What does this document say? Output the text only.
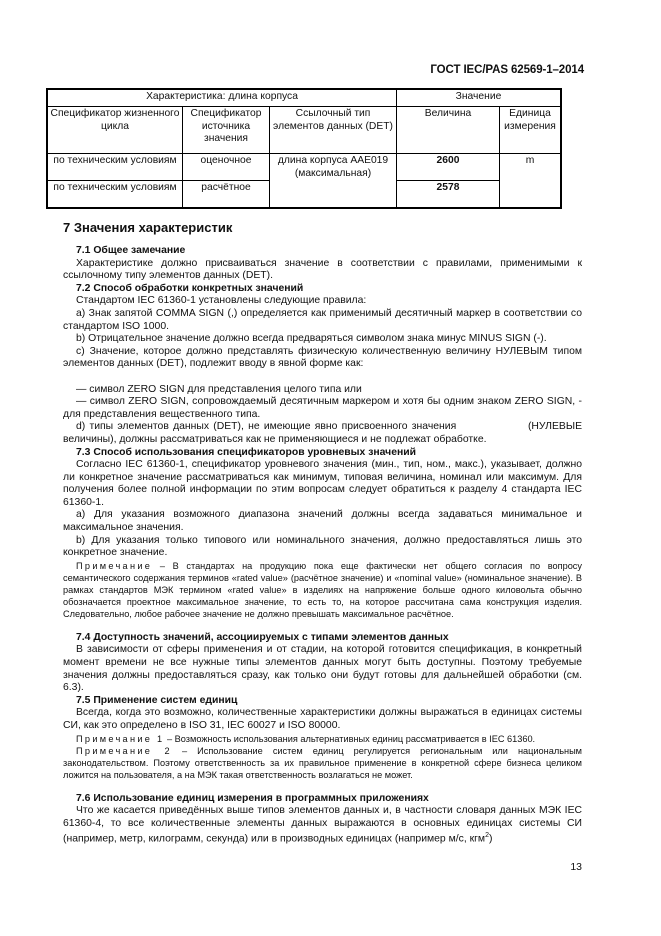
ГОСТ IEC/PAS 62569-1–2014
Характеристика: длина корпуса			Значение	
Спецификатор жизненного цикла	Спецификатор источника значения	Ссылочный тип элементов данных (DET)	Величина	Единица измерения
по техническим условиям	оценочное	длина корпуса AAE019 (максимальная)	2600	m
по техническим условиям	расчётное		2578	
7 Значения характеристик

7.1 Общее замечание

Характеристике должно присваиваться значение в соответствии с правилами, применимыми к ссылочному типу элементов данных (DET).

7.2 Способ обработки конкретных значений

Стандартом IEC 61360-1 установлены следующие правила:

а) Знак запятой COMMA SIGN (,) определяется как применимый десятичный маркер в соответствии со стандартом ISO 1000.

b) Отрицательное значение должно всегда предваряться символом знака минус MINUS SIGN (-).

c) Значение, которое должно представлять физическую количественную величину НУЛЕВЫМ типом элементов данных (DET), подлежит вводу в явной форме как:

— символ ZERO SIGN для представления целого типа или

— символ ZERO SIGN, сопровождаемый десятичным маркером и хотя бы одним знаком ZERO SIGN, - для представления вещественного типа.

d) типы элементов данных (DET), не имеющие явно присвоенного значения                 (НУЛЕВЫЕ величины), должны рассматриваться как не применяющиеся и не подлежат обработке.

7.3 Способ использования спецификаторов уровневых значений

Согласно IEC 61360-1, спецификатор уровневого значения (мин., тип, ном., макс.), указывает, должно ли конкретное значение рассматриваться как минимум, типовая величина, номинал или максимум. Для получения более полной информации по этим вопросам следует обратиться к разделу 4 стандарта IEC 61360-1.

а) Для указания возможного диапазона значений должны всегда задаваться минимальное и максимальное значения.

b) Для указания только типового или номинального значения, должно предоставляться лишь это конкретное значение.

Примечание – В стандартах на продукцию пока еще фактически нет общего согласия по вопросу семантического содержания терминов «rated value» (расчётное значение) и «nominal value» (номинальное значение). В рамках стандартов МЭК термином «rated value» в изделиях на напряжение больше одного киловольта обычно обозначается проектное максимальное значение, то есть то, на которое рассчитана сама конструкция изделия. Следовательно, любое рабочее значение не должно превышать максимальное расчётное.

7.4 Доступность значений, ассоциируемых с типами элементов данных

В зависимости от сферы применения и от стадии, на которой готовится спецификация, в конкретный момент времени не все нужные типы элементов данных могут быть доступны. Поэтому требуемые значения должны предоставляться сразу, как только они будут готовы для дальнейшей обработки (см. 6.3).

7.5 Применение систем единиц

Всегда, когда это возможно, количественные характеристики должны выражаться в единицах системы СИ, как это определено в ISO 31, IEC 60027 и ISO 80000.

Примечание 1 – Возможность использования альтернативных единиц рассматривается в IEC 61360.

Примечание 2 – Использование систем единиц регулируется региональным или национальным законодательством. Поэтому ответственность за их правильное применение в конкретной сфере бизнеса целиком ложится на пользователя, а на МЭК такая ответственность возлагаться не может.

7.6 Использование единиц измерения в программных приложениях

Что же касается приведённых выше типов элементов данных и, в частности словаря данных МЭК IEC 61360-4, то все количественные элементы данных выражаются в основных единицах системы СИ (например, метр, килограмм, секунда) или в производных единицах (например м/с, кгм$^2$)

13
